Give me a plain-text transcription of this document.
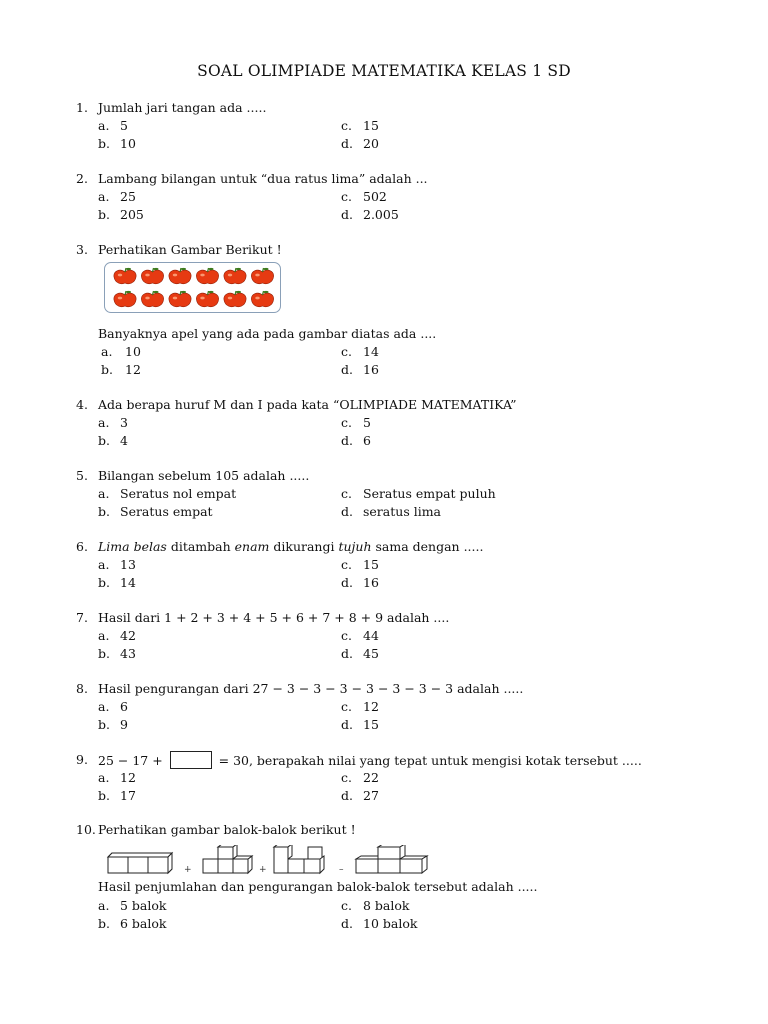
SOAL OLIMPIADE MATEMATIKA KELAS 1 SD
1. Jumlah jari tangan ada .....
a. 5
b. 10
c. 15
d. 20
2. Lambang bilangan untuk “dua ratus lima” adalah ...
a. 25
b. 205
c. 502
d. 2.005
3. Perhatikan Gambar Berikut !
Banyaknya apel yang ada pada gambar diatas ada ....
a. 10
b. 12
c. 14
d. 16
4. Ada berapa huruf M dan I pada kata “OLIMPIADE MATEMATIKA”
a. 3
b. 4
c. 5
d. 6
5. Bilangan sebelum 105 adalah .....
a. Seratus nol empat
b. Seratus empat
c. Seratus empat puluh
d. seratus lima
6. Lima belas ditambah enam dikurangi tujuh sama dengan .....
a. 13
b. 14
c. 15
d. 16
7. Hasil dari 1 + 2 + 3 + 4 + 5 + 6 + 7 + 8 + 9 adalah ....
a. 42
b. 43
c. 44
d. 45
8. Hasil pengurangan dari 27 − 3 − 3 − 3 − 3 − 3 − 3 − 3 adalah .....
a. 6
b. 9
c. 12
d. 15
9. 25 − 17 +	= 30, berapakah nilai yang tepat untuk mengisi kotak tersebut .....
a. 12
b. 17
c. 22
d. 27
10. Perhatikan gambar balok-balok berikut !
+	+	–
Hasil penjumlahan dan pengurangan balok-balok tersebut adalah .....
a. 5 balok
b. 6 balok
c. 8 balok
d. 10 balok
